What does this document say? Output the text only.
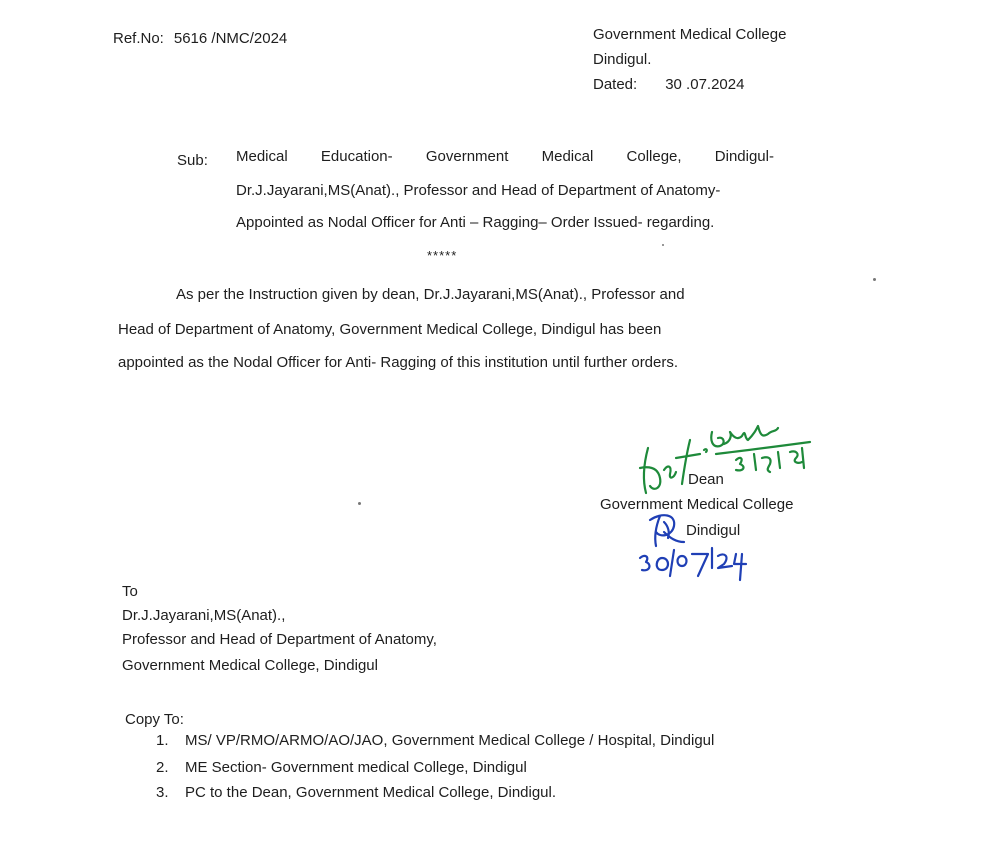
Ref.No: 5616 /NMC/2024	Government Medical College
Dindigul.
Dated: 30 .07.2024
Sub: Medical Education- Government Medical College, Dindigul-
Dr.J.Jayarani,MS(Anat)., Professor and Head of Department of Anatomy-
Appointed as Nodal Officer for Anti – Ragging– Order Issued- regarding.
*****
As per the Instruction given by dean, Dr.J.Jayarani,MS(Anat)., Professor and
Head of Department of Anatomy, Government Medical College, Dindigul has been
appointed as the Nodal Officer for Anti- Ragging of this institution until further orders.
Dean
Government Medical College
Dindigul
To
Dr.J.Jayarani,MS(Anat).,
Professor and Head of Department of Anatomy,
Government Medical College, Dindigul
Copy To:
1. MS/ VP/RMO/ARMO/AO/JAO, Government Medical College / Hospital, Dindigul
2. ME Section- Government medical College, Dindigul
3. PC to the Dean, Government Medical College, Dindigul.
